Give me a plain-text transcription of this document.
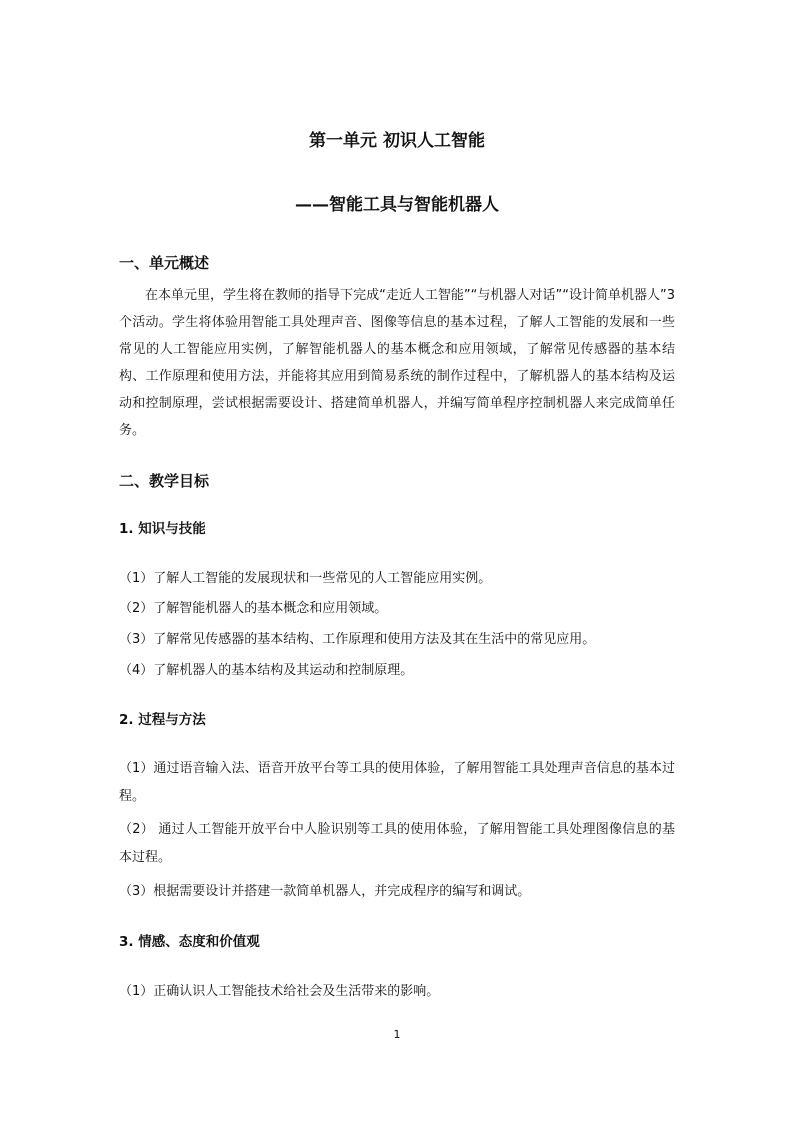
第一单元 初识人工智能
——智能工具与智能机器人
一、单元概述

在本单元里，学生将在教师的指导下完成“走近人工智能”“与机器人对话”“设计简单机器人”3个活动。学生将体验用智能工具处理声音、图像等信息的基本过程，了解人工智能的发展和一些常见的人工智能应用实例，了解智能机器人的基本概念和应用领域，了解常见传感器的基本结构、工作原理和使用方法，并能将其应用到简易系统的制作过程中，了解机器人的基本结构及运动和控制原理，尝试根据需要设计、搭建简单机器人，并编写简单程序控制机器人来完成简单任务。

二、教学目标
1. 知识与技能

（1）了解人工智能的发展现状和一些常见的人工智能应用实例。

（2）了解智能机器人的基本概念和应用领域。

（3）了解常见传感器的基本结构、工作原理和使用方法及其在生活中的常见应用。

（4）了解机器人的基本结构及其运动和控制原理。

2. 过程与方法

（1）通过语音输入法、语音开放平台等工具的使用体验，了解用智能工具处理声音信息的基本过程。

（2） 通过人工智能开放平台中人脸识别等工具的使用体验，了解用智能工具处理图像信息的基本过程。

（3）根据需要设计并搭建一款简单机器人，并完成程序的编写和调试。

3. 情感、态度和价值观

（1）正确认识人工智能技术给社会及生活带来的影响。

1
